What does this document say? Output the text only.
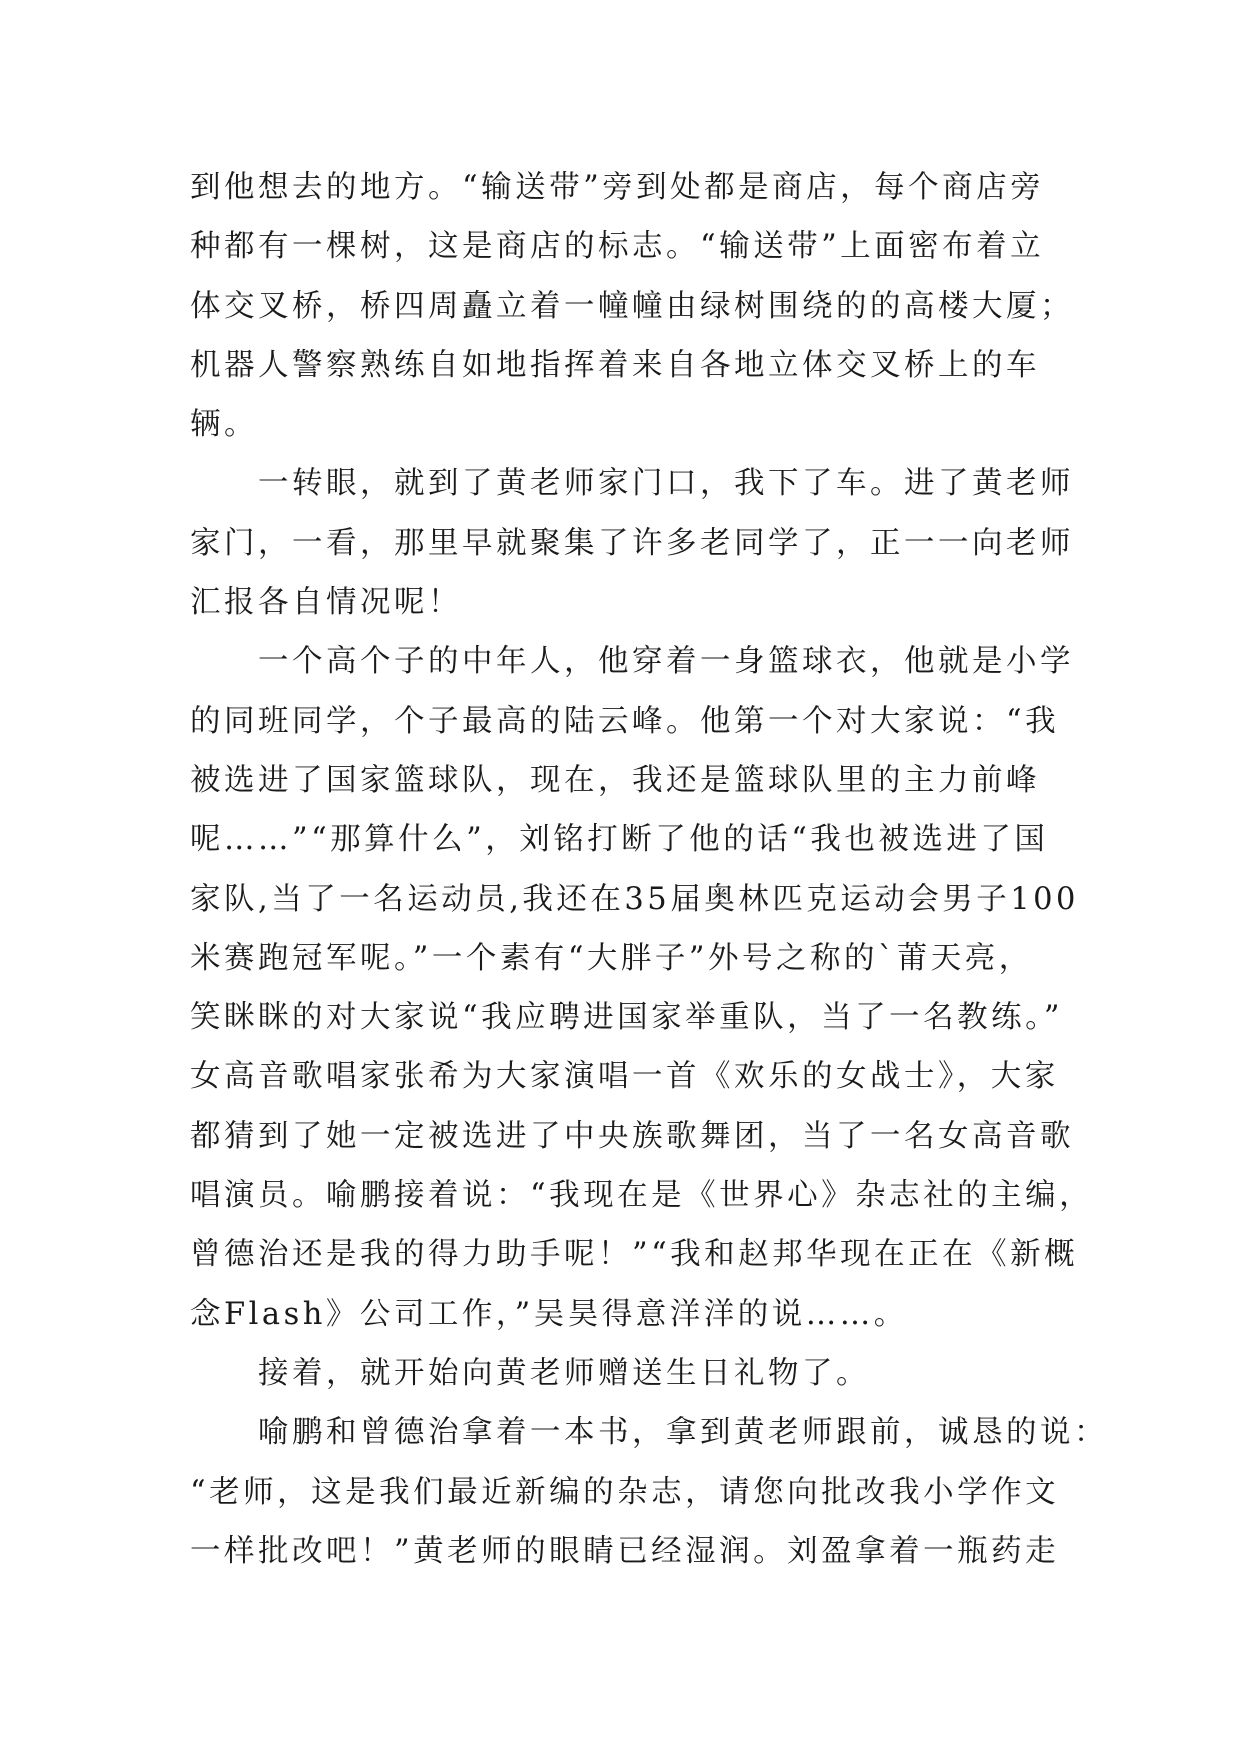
到他想去的地方。“输送带”旁到处都是商店，每个商店旁
种都有一棵树，这是商店的标志。“输送带”上面密布着立
体交叉桥，桥四周矗立着一幢幢由绿树围绕的的高楼大厦；
机器人警察熟练自如地指挥着来自各地立体交叉桥上的车
辆。
一转眼，就到了黄老师家门口，我下了车。进了黄老师
家门，一看，那里早就聚集了许多老同学了，正一一向老师
汇报各自情况呢！
一个高个子的中年人，他穿着一身篮球衣，他就是小学
的同班同学，个子最高的陆云峰。他第一个对大家说：“我
被选进了国家篮球队，现在，我还是篮球队里的主力前峰
呢……”“那算什么”，刘铭打断了他的话“我也被选进了国
家队,当了一名运动员,我还在35届奥林匹克运动会男子100
米赛跑冠军呢。”一个素有“大胖子”外号之称的`莆天亮，
笑眯眯的对大家说“我应聘进国家举重队，当了一名教练。”
女高音歌唱家张希为大家演唱一首《欢乐的女战士》，大家
都猜到了她一定被选进了中央族歌舞团，当了一名女高音歌
唱演员。喻鹏接着说：“我现在是《世界心》杂志社的主编，
曾德治还是我的得力助手呢！”“我和赵邦华现在正在《新概
念Flash》公司工作，”吴昊得意洋洋的说……。
接着，就开始向黄老师赠送生日礼物了。
喻鹏和曾德治拿着一本书，拿到黄老师跟前，诚恳的说：
“老师，这是我们最近新编的杂志，请您向批改我小学作文
一样批改吧！”黄老师的眼睛已经湿润。刘盈拿着一瓶药走
